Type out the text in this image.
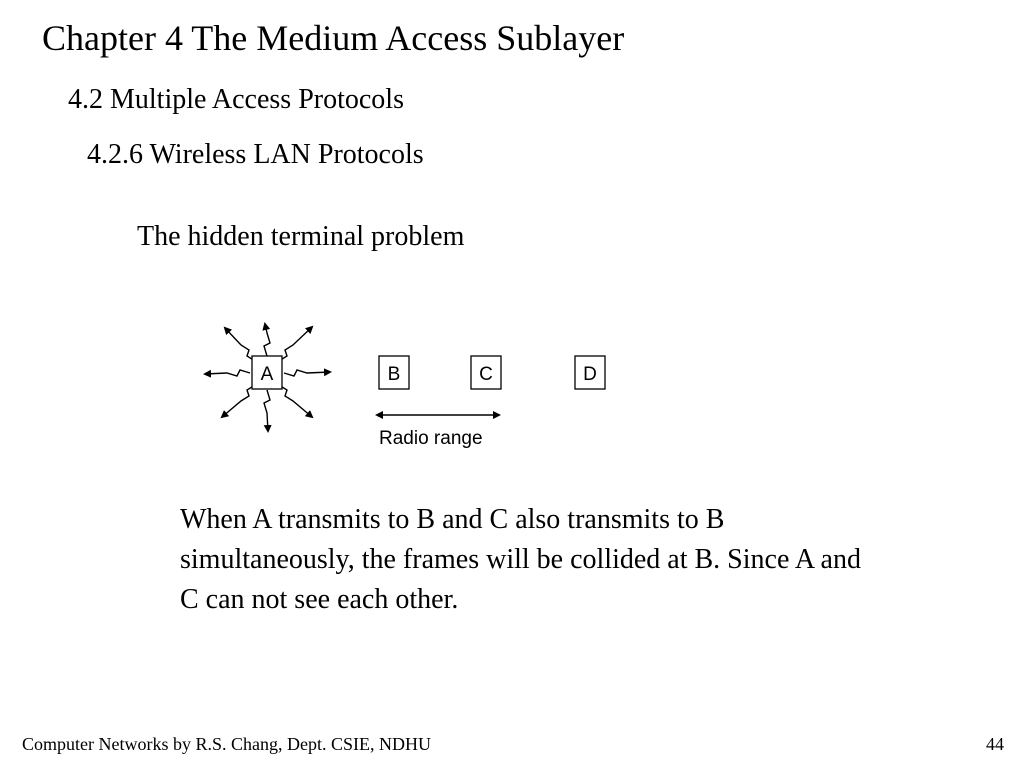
Chapter 4 The Medium Access Sublayer
4.2 Multiple Access Protocols
4.2.6 Wireless LAN Protocols
The hidden terminal problem
A	B	C	D
Radio range
When A transmits to B and C also transmits to B
simultaneously, the frames will be collided at B. Since A and
C can not see each other.
Computer Networks by R.S. Chang, Dept. CSIE, NDHU	44
